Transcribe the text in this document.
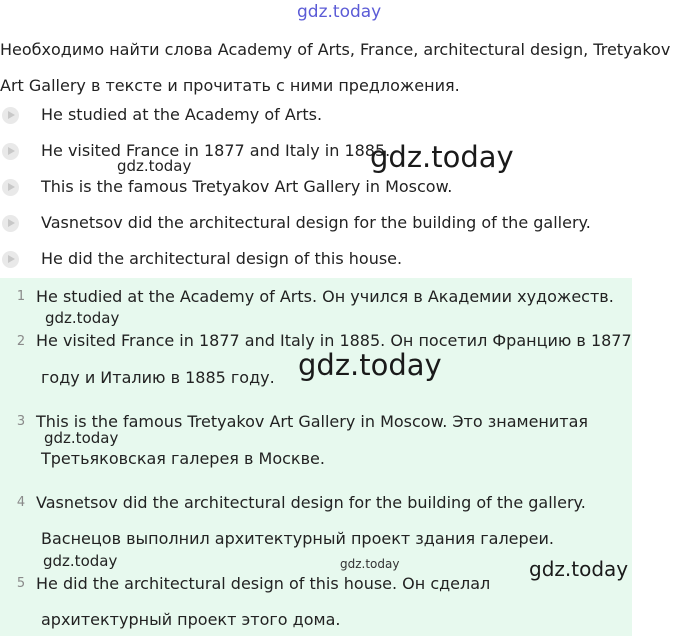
gdz.today
Необходимо найти слова Academy of Arts, France, architectural design, Tretyakov
Art Gallery в тексте и прочитать с ними предложения.
He studied at the Academy of Arts.
He visited France in 1877 and Italy in 1885.
This is the famous Tretyakov Art Gallery in Moscow.
Vasnetsov did the architectural design for the building of the gallery.
He did the architectural design of this house.
1 He studied at the Academy of Arts. Он учился в Академии художеств.
2 He visited France in 1877 and Italy in 1885. Он посетил Францию в 1877
году и Италию в 1885 году.
3 This is the famous Tretyakov Art Gallery in Moscow. Это знаменитая
Третьяковская галерея в Москве.
4 Vasnetsov did the architectural design for the building of the gallery.
Васнецов выполнил архитектурный проект здания галереи.
5 He did the architectural design of this house. Он сделал
архитектурный проект этого дома.
gdz.today	gdz.today
gdz.today
gdz.today
gdz.today
gdz.today	gdz.today	gdz.today
